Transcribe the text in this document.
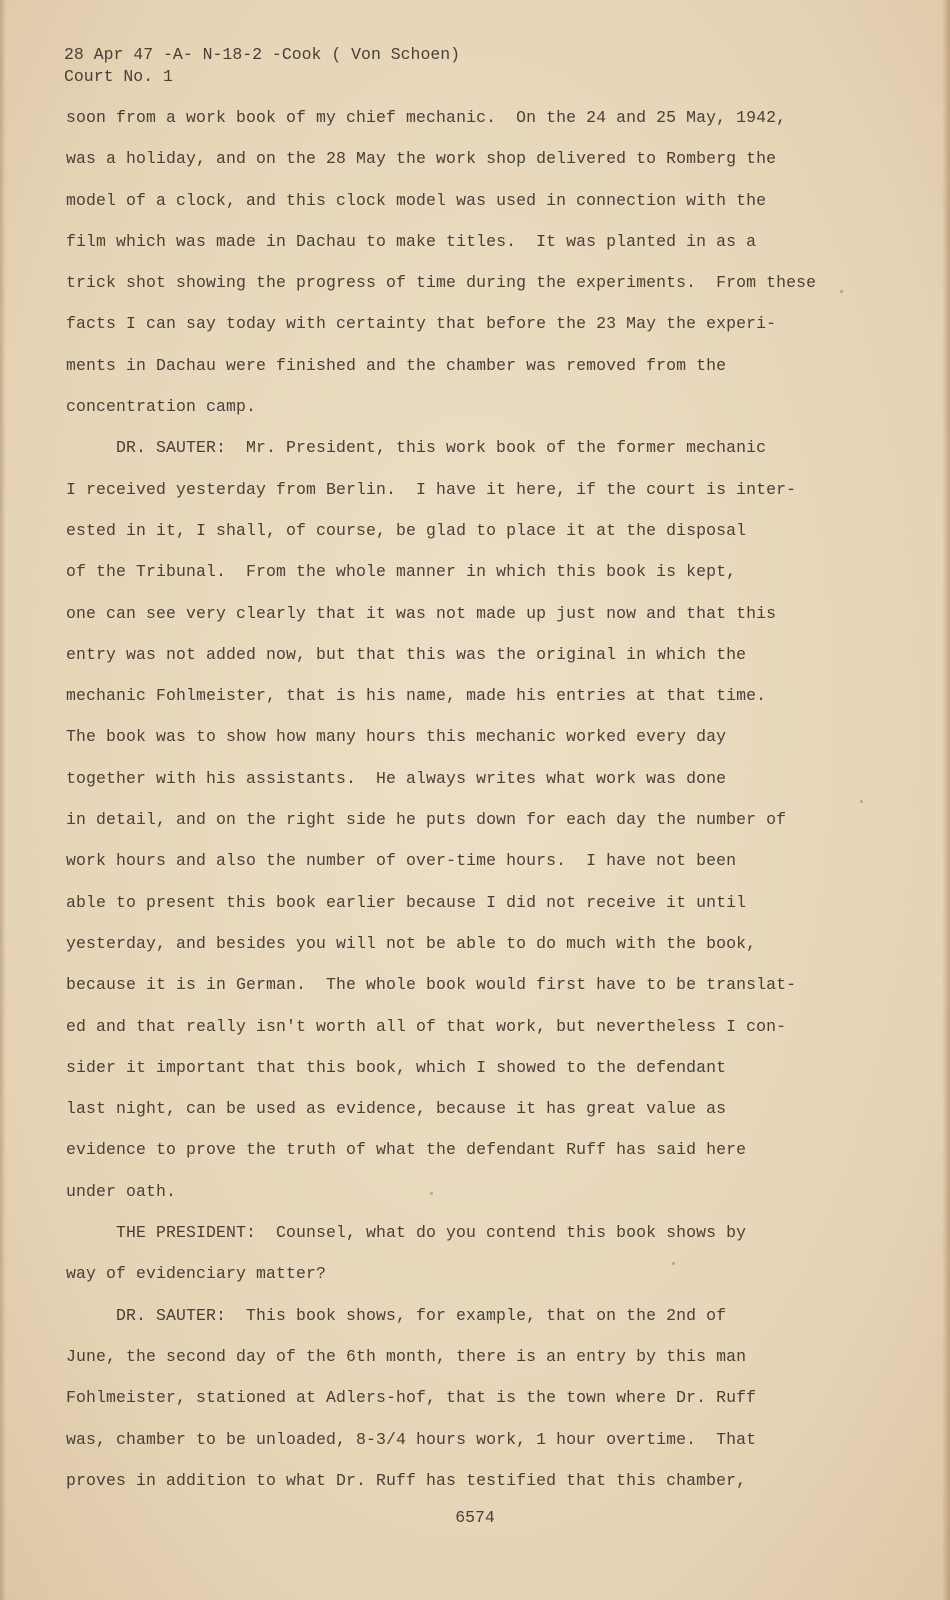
28 Apr 47 -A- N-18-2 -Cook ( Von Schoen)
Court No. 1
soon from a work book of my chief mechanic.  On the 24 and 25 May, 1942,
was a holiday, and on the 28 May the work shop delivered to Romberg the
model of a clock, and this clock model was used in connection with the
film which was made in Dachau to make titles.  It was planted in as a
trick shot showing the progress of time during the experiments.  From these
facts I can say today with certainty that before the 23 May the experi-
ments in Dachau were finished and the chamber was removed from the
concentration camp.
DR. SAUTER:  Mr. President, this work book of the former mechanic
I received yesterday from Berlin.  I have it here, if the court is inter-
ested in it, I shall, of course, be glad to place it at the disposal
of the Tribunal.  From the whole manner in which this book is kept,
one can see very clearly that it was not made up just now and that this
entry was not added now, but that this was the original in which the
mechanic Fohlmeister, that is his name, made his entries at that time.
The book was to show how many hours this mechanic worked every day
together with his assistants.  He always writes what work was done
in detail, and on the right side he puts down for each day the number of
work hours and also the number of over-time hours.  I have not been
able to present this book earlier because I did not receive it until
yesterday, and besides you will not be able to do much with the book,
because it is in German.  The whole book would first have to be translat-
ed and that really isn't worth all of that work, but nevertheless I con-
sider it important that this book, which I showed to the defendant
last night, can be used as evidence, because it has great value as
evidence to prove the truth of what the defendant Ruff has said here
under oath.
THE PRESIDENT:  Counsel, what do you contend this book shows by
way of evidenciary matter?
DR. SAUTER:  This book shows, for example, that on the 2nd of
June, the second day of the 6th month, there is an entry by this man
Fohlmeister, stationed at Adlers-hof, that is the town where Dr. Ruff
was, chamber to be unloaded, 8-3/4 hours work, 1 hour overtime.  That
proves in addition to what Dr. Ruff has testified that this chamber,
6574
